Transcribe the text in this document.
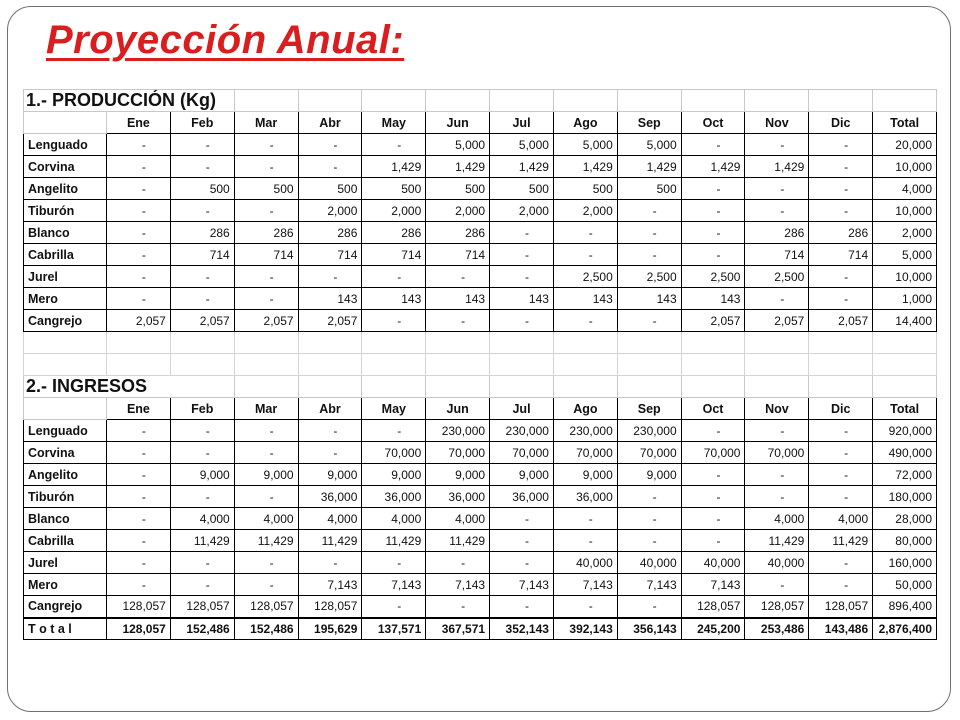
Proyección Anual:
1.- PRODUCCIÓN (Kg)													
	Ene	Feb	Mar	Abr	May	Jun	Jul	Ago	Sep	Oct	Nov	Dic	Total
Lenguado	-	-	-	-	-	5,000	5,000	5,000	5,000	-	-	-	20,000
Corvina	-	-	-	-	1,429	1,429	1,429	1,429	1,429	1,429	1,429	-	10,000
Angelito	-	500	500	500	500	500	500	500	500	-	-	-	4,000
Tiburón	-	-	-	2,000	2,000	2,000	2,000	2,000	-	-	-	-	10,000
Blanco	-	286	286	286	286	286	-	-	-	-	286	286	2,000
Cabrilla	-	714	714	714	714	714	-	-	-	-	714	714	5,000
Jurel	-	-	-	-	-	-	-	2,500	2,500	2,500	2,500	-	10,000
Mero	-	-	-	143	143	143	143	143	143	143	-	-	1,000
Cangrejo	2,057	2,057	2,057	2,057	-	-	-	-	-	2,057	2,057	2,057	14,400

2.- INGRESOS													
	Ene	Feb	Mar	Abr	May	Jun	Jul	Ago	Sep	Oct	Nov	Dic	Total
Lenguado	-	-	-	-	-	230,000	230,000	230,000	230,000	-	-	-	920,000
Corvina	-	-	-	-	70,000	70,000	70,000	70,000	70,000	70,000	70,000	-	490,000
Angelito	-	9,000	9,000	9,000	9,000	9,000	9,000	9,000	9,000	-	-	-	72,000
Tiburón	-	-	-	36,000	36,000	36,000	36,000	36,000	-	-	-	-	180,000
Blanco	-	4,000	4,000	4,000	4,000	4,000	-	-	-	-	4,000	4,000	28,000
Cabrilla	-	11,429	11,429	11,429	11,429	11,429	-	-	-	-	11,429	11,429	80,000
Jurel	-	-	-	-	-	-	-	40,000	40,000	40,000	40,000	-	160,000
Mero	-	-	-	7,143	7,143	7,143	7,143	7,143	7,143	7,143	-	-	50,000
Cangrejo	128,057	128,057	128,057	128,057	-	-	-	-	-	128,057	128,057	128,057	896,400
T o t a l	128,057	152,486	152,486	195,629	137,571	367,571	352,143	392,143	356,143	245,200	253,486	143,486	2,876,400
